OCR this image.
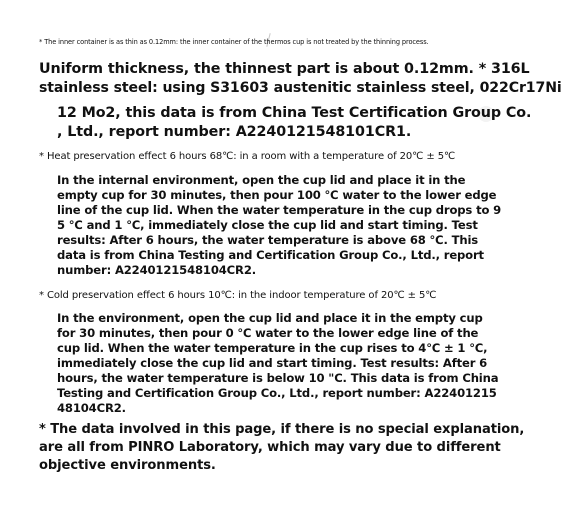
* The inner container is as thin as 0.12mm: the inner container of the thermos cup is not treated by the thinning process.

Uniform thickness, the thinnest part is about 0.12mm. * 316L

stainless steel: using S31603 austenitic stainless steel, 022Cr17Ni

12 Mo2, this data is from China Test Certification Group Co.

, Ltd., report number: A2240121548101CR1.

* Heat preservation effect 6 hours 68℃: in a room with a temperature of 20℃ ± 5℃

In the internal environment, open the cup lid and place it in the

empty cup for 30 minutes, then pour 100 ℃ water to the lower edge

line of the cup lid. When the water temperature in the cup drops to 9

5 ℃ and 1 ℃, immediately close the cup lid and start timing. Test

results: After 6 hours, the water temperature is above 68 ℃. This

data is from China Testing and Certification Group Co., Ltd., report

number: A2240121548104CR2.

* Cold preservation effect 6 hours 10℃: in the indoor temperature of 20℃ ± 5℃

In the environment, open the cup lid and place it in the empty cup

for 30 minutes, then pour 0 ℃ water to the lower edge line of the

cup lid. When the water temperature in the cup rises to 4℃ ± 1 ℃,

immediately close the cup lid and start timing. Test results: After 6

hours, the water temperature is below 10 "C. This data is from China

Testing and Certification Group Co., Ltd., report number: A22401215

48104CR2.

* The data involved in this page, if there is no special explanation,

are all from PINRO Laboratory, which may vary due to different

objective environments.
